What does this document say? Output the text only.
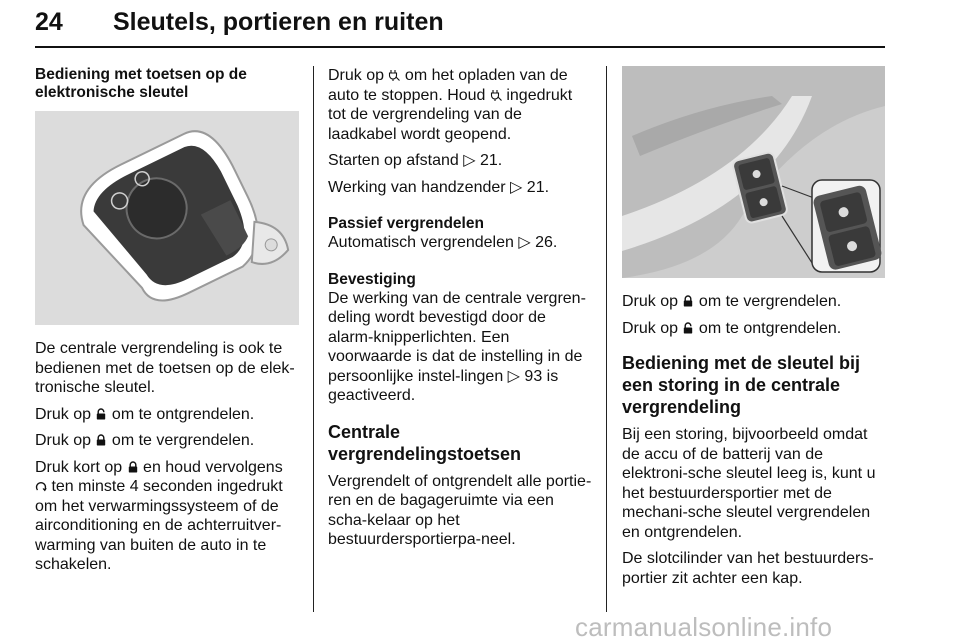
24 Sleutels, portieren en ruiten
Bediening met toetsen op de elektronische sleutel

De centrale vergrendeling is ook te bedienen met de toetsen op de elek-tronische sleutel.

Druk op  om te ontgrendelen.

Druk op  om te vergrendelen.

Druk kort op  en houd vervolgens
ten minste 4 seconden ingedrukt om het verwarmingssysteem of de airconditioning en de achterruitver-warming van buiten de auto in te schakelen.

Druk op  om het opladen van de auto te stoppen. Houd  ingedrukt tot de vergrendeling van de laadkabel wordt geopend.

Starten op afstand ▷ 21.

Werking van handzender ▷ 21.

Passief vergrendelen

Automatisch vergrendelen ▷ 26.

Bevestiging

De werking van de centrale vergren-deling wordt bevestigd door de alarm-knipperlichten. Een voorwaarde is dat de instelling in de persoonlijke instel-lingen ▷ 93 is geactiveerd.

Centrale vergrendelingstoetsen

Vergrendelt of ontgrendelt alle portie-ren en de bagageruimte via een scha-kelaar op het bestuurdersportierpa-neel.

Druk op  om te vergrendelen.

Druk op  om te ontgrendelen.

Bediening met de sleutel bij een storing in de centrale vergrendeling

Bij een storing, bijvoorbeeld omdat de accu of de batterij van de elektroni-sche sleutel leeg is, kunt u het bestuurdersportier met de mechani-sche sleutel vergrendelen en ontgrendelen.

De slotcilinder van het bestuurders-portier zit achter een kap.

carmanualsonline.info
